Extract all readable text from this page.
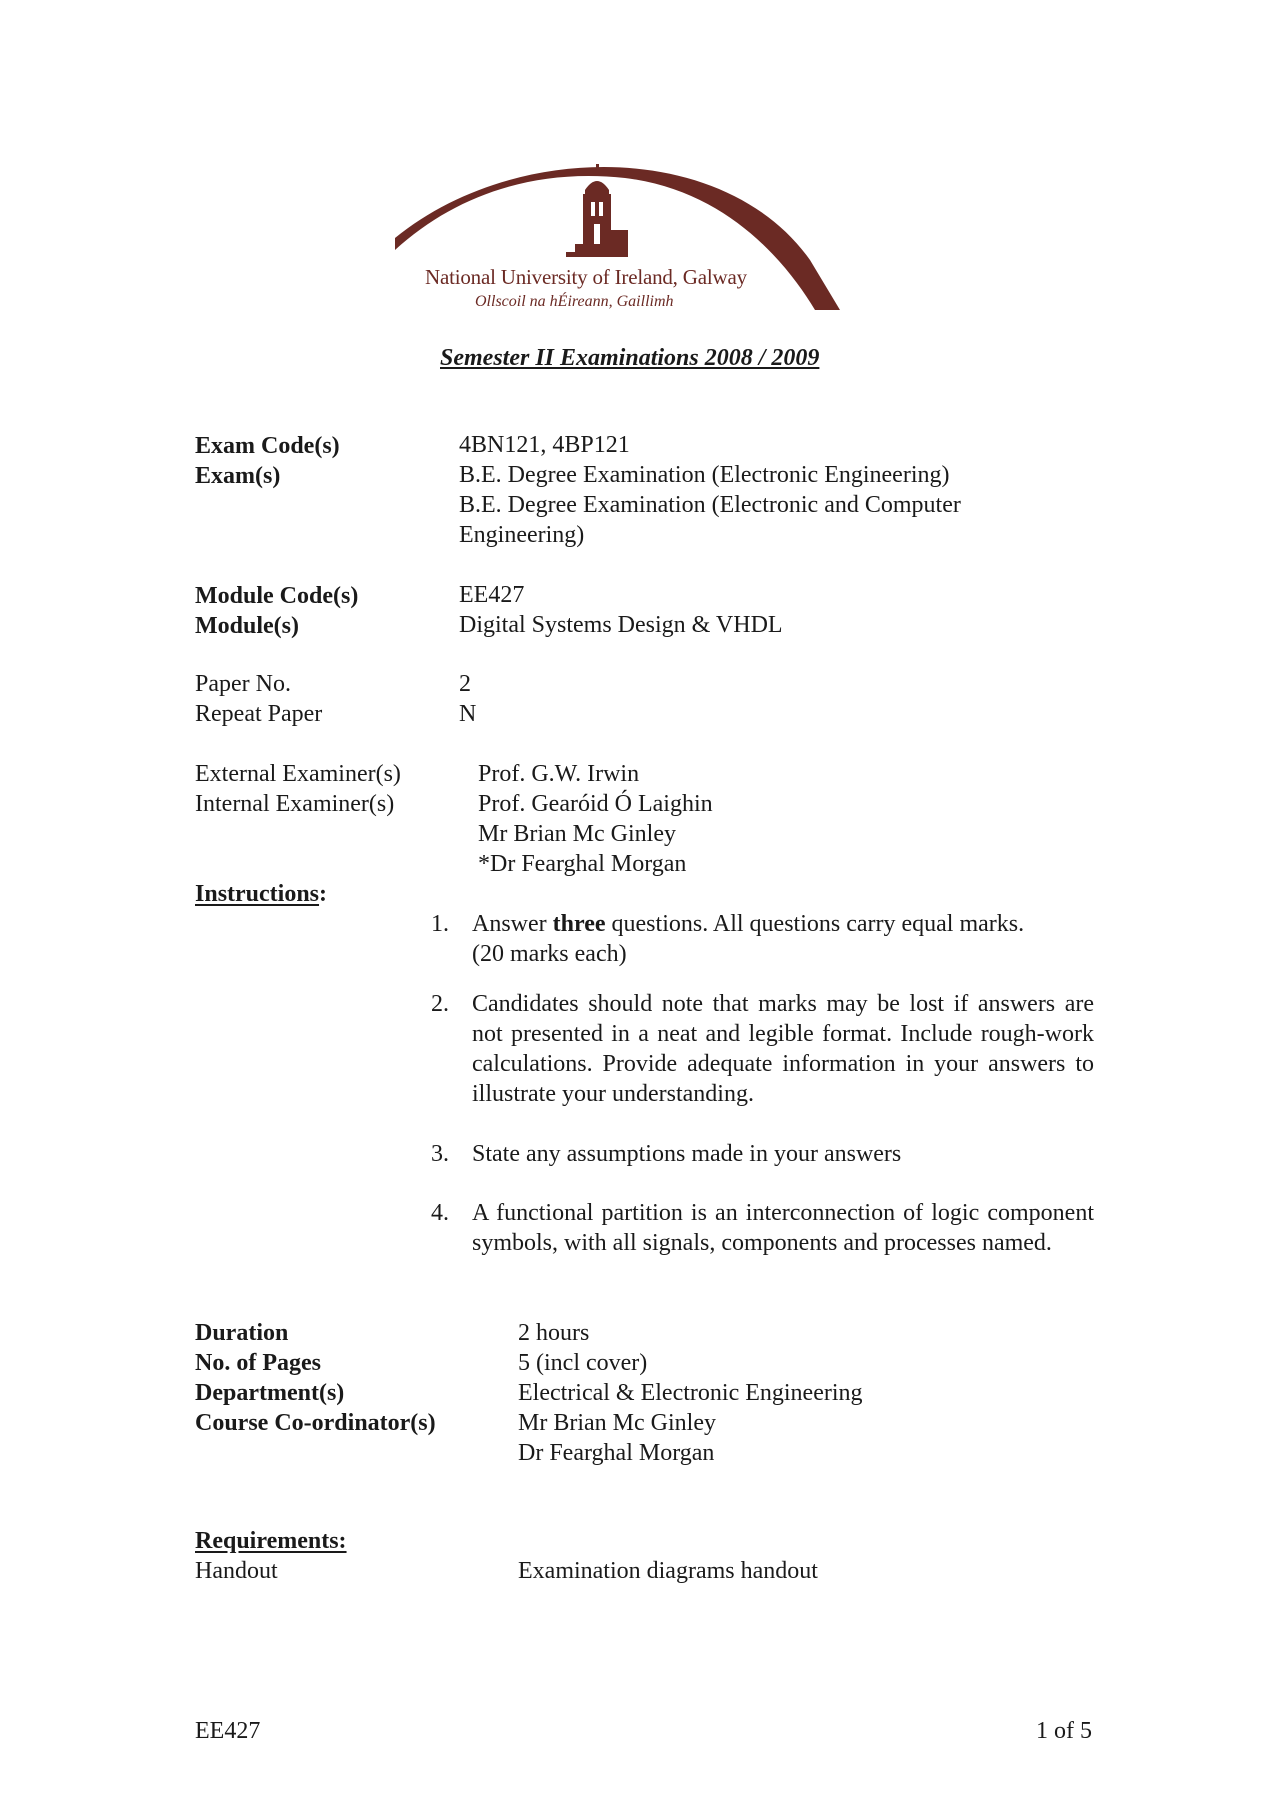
National University of Ireland, Galway
Ollscoil na hÉireann, Gaillimh
Semester II Examinations 2008 / 2009
Exam Code(s)	4BN121, 4BP121
Exam(s)	B.E. Degree Examination (Electronic Engineering)
B.E. Degree Examination (Electronic and Computer
Engineering)
Module Code(s)	EE427
Module(s)	Digital Systems Design & VHDL
Paper No.	2
Repeat Paper	N
External Examiner(s)	Prof. G.W. Irwin
Internal Examiner(s)	Prof. Gearóid Ó Laighin
Mr Brian Mc Ginley
*Dr Fearghal Morgan
Instructions:
1. Answer three questions. All questions carry equal marks.
(20 marks each)
2. Candidates should note that marks may be lost if answers are not presented in a neat and legible format. Include rough-work calculations. Provide adequate information in your answers to illustrate your understanding.
3. State any assumptions made in your answers
4. A functional partition is an interconnection of logic component symbols, with all signals, components and processes named.
Duration	2 hours
No. of Pages	5 (incl cover)
Department(s)	Electrical & Electronic Engineering
Course Co-ordinator(s)	Mr Brian Mc Ginley
Dr Fearghal Morgan
Requirements:
Handout	Examination diagrams handout
EE427	1 of 5
